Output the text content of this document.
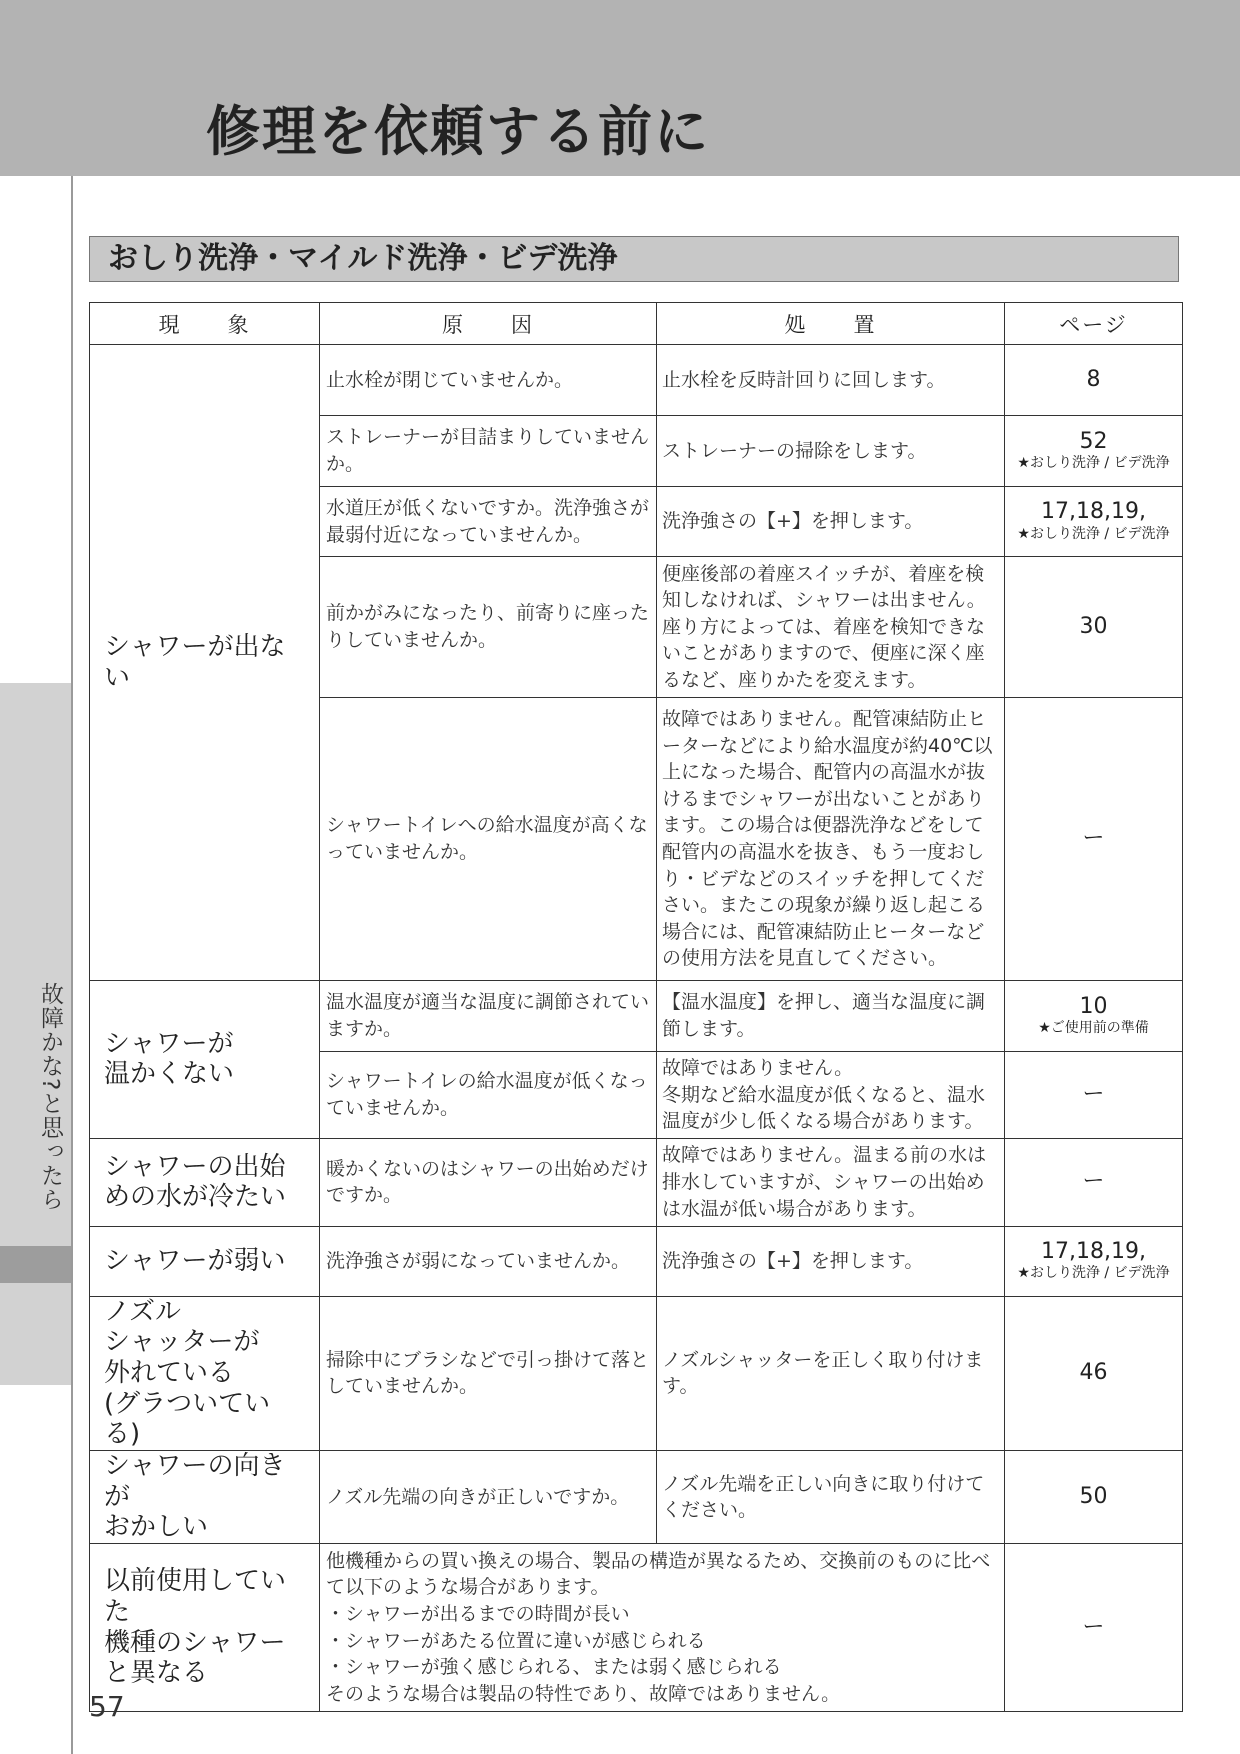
修理を依頼する前に
故障かな?と思ったら
おしり洗浄・マイルド洗浄・ビデ洗浄
現　　象	原　　因	処　　置	ページ
シャワーが出ない	止水栓が閉じていませんか。	止水栓を反時計回りに回します。	8

	ストレーナーが目詰まりしていませんか。	ストレーナーの掃除をします。	52
★おしり洗浄 / ビデ洗浄

	水道圧が低くないですか。洗浄強さが最弱付近になっていませんか。	洗浄強さの【+】を押します。	17,18,19,
★おしり洗浄 / ビデ洗浄

	前かがみになったり、前寄りに座ったりしていませんか。	便座後部の着座スイッチが、着座を検知しなければ、シャワーは出ません。座り方によっては、着座を検知できないことがありますので、便座に深く座るなど、座りかたを変えます。	30

	シャワートイレへの給水温度が高くなっていませんか。	故障ではありません。配管凍結防止ヒーターなどにより給水温度が約40℃以上になった場合、配管内の高温水が抜けるまでシャワーが出ないことがあります。この場合は便器洗浄などをして配管内の高温水を抜き、もう一度おしり・ビデなどのスイッチを押してください。またこの現象が繰り返し起こる場合には、配管凍結防止ヒーターなどの使用方法を見直してください。	ー

シャワーが
温かくない	温水温度が適当な温度に調節されていますか。	【温水温度】を押し、適当な温度に調節します。	10
★ご使用前の準備

	シャワートイレの給水温度が低くなっていませんか。	故障ではありません。
冬期など給水温度が低くなると、温水温度が少し低くなる場合があります。	ー

シャワーの出始
めの水が冷たい	暖かくないのはシャワーの出始めだけですか。	故障ではありません。温まる前の水は排水していますが、シャワーの出始めは水温が低い場合があります。	ー

シャワーが弱い	洗浄強さが弱になっていませんか。	洗浄強さの【+】を押します。	17,18,19,
★おしり洗浄 / ビデ洗浄

ノズル
シャッターが
外れている
(グラついている)	掃除中にブラシなどで引っ掛けて落としていませんか。	ノズルシャッターを正しく取り付けます。	46

シャワーの向きが
おかしい	ノズル先端の向きが正しいですか。	ノズル先端を正しい向きに取り付けてください。	50

以前使用していた
機種のシャワー
と異なる	他機種からの買い換えの場合、製品の構造が異なるため、交換前のものに比べて以下のような場合があります。
・シャワーが出るまでの時間が長い
・シャワーがあたる位置に違いが感じられる
・シャワーが強く感じられる、または弱く感じられる
そのような場合は製品の特性であり、故障ではありません。		ー
57
